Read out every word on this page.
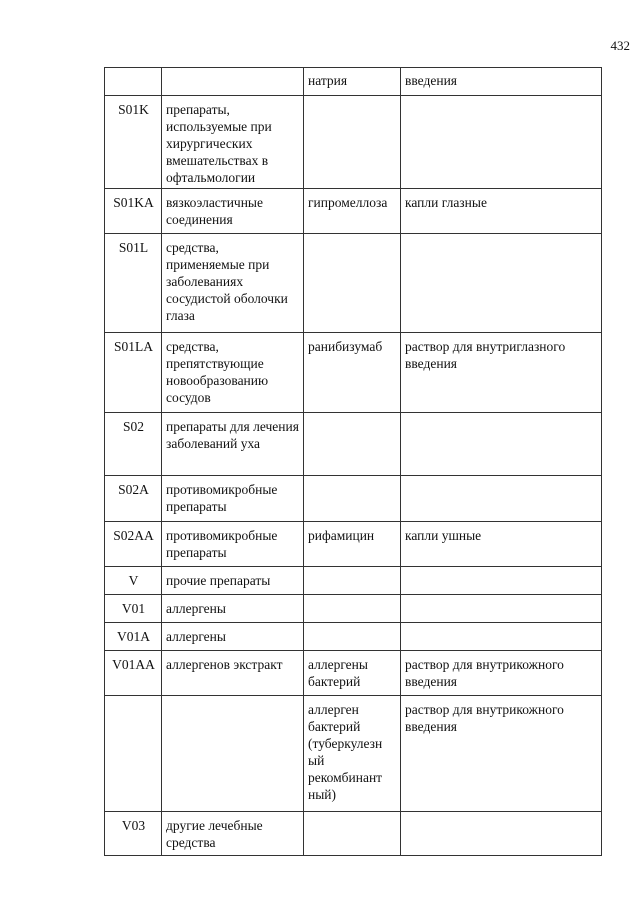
432
		натрия	введения
S01K	препараты, используемые при хирургических вмешательствах в офтальмологии		
S01KA	вязкоэластичные соединения	гипромеллоза	капли глазные
S01L	средства, применяемые при заболеваниях сосудистой оболочки глаза		
S01LA	средства, препятствующие новообразованию сосудов	ранибизумаб	раствор для внутриглазного введения
S02	препараты для лечения заболеваний уха		
S02A	противомикробные препараты		
S02AA	противомикробные препараты	рифамицин	капли ушные
V	прочие препараты		
V01	аллергены		
V01A	аллергены		
V01AA	аллергенов экстракт	аллергены бактерий	раствор для внутрикожного введения
		аллерген бактерий (туберкулезн ый рекомбинант ный)	раствор для внутрикожного введения
V03	другие лечебные средства		
